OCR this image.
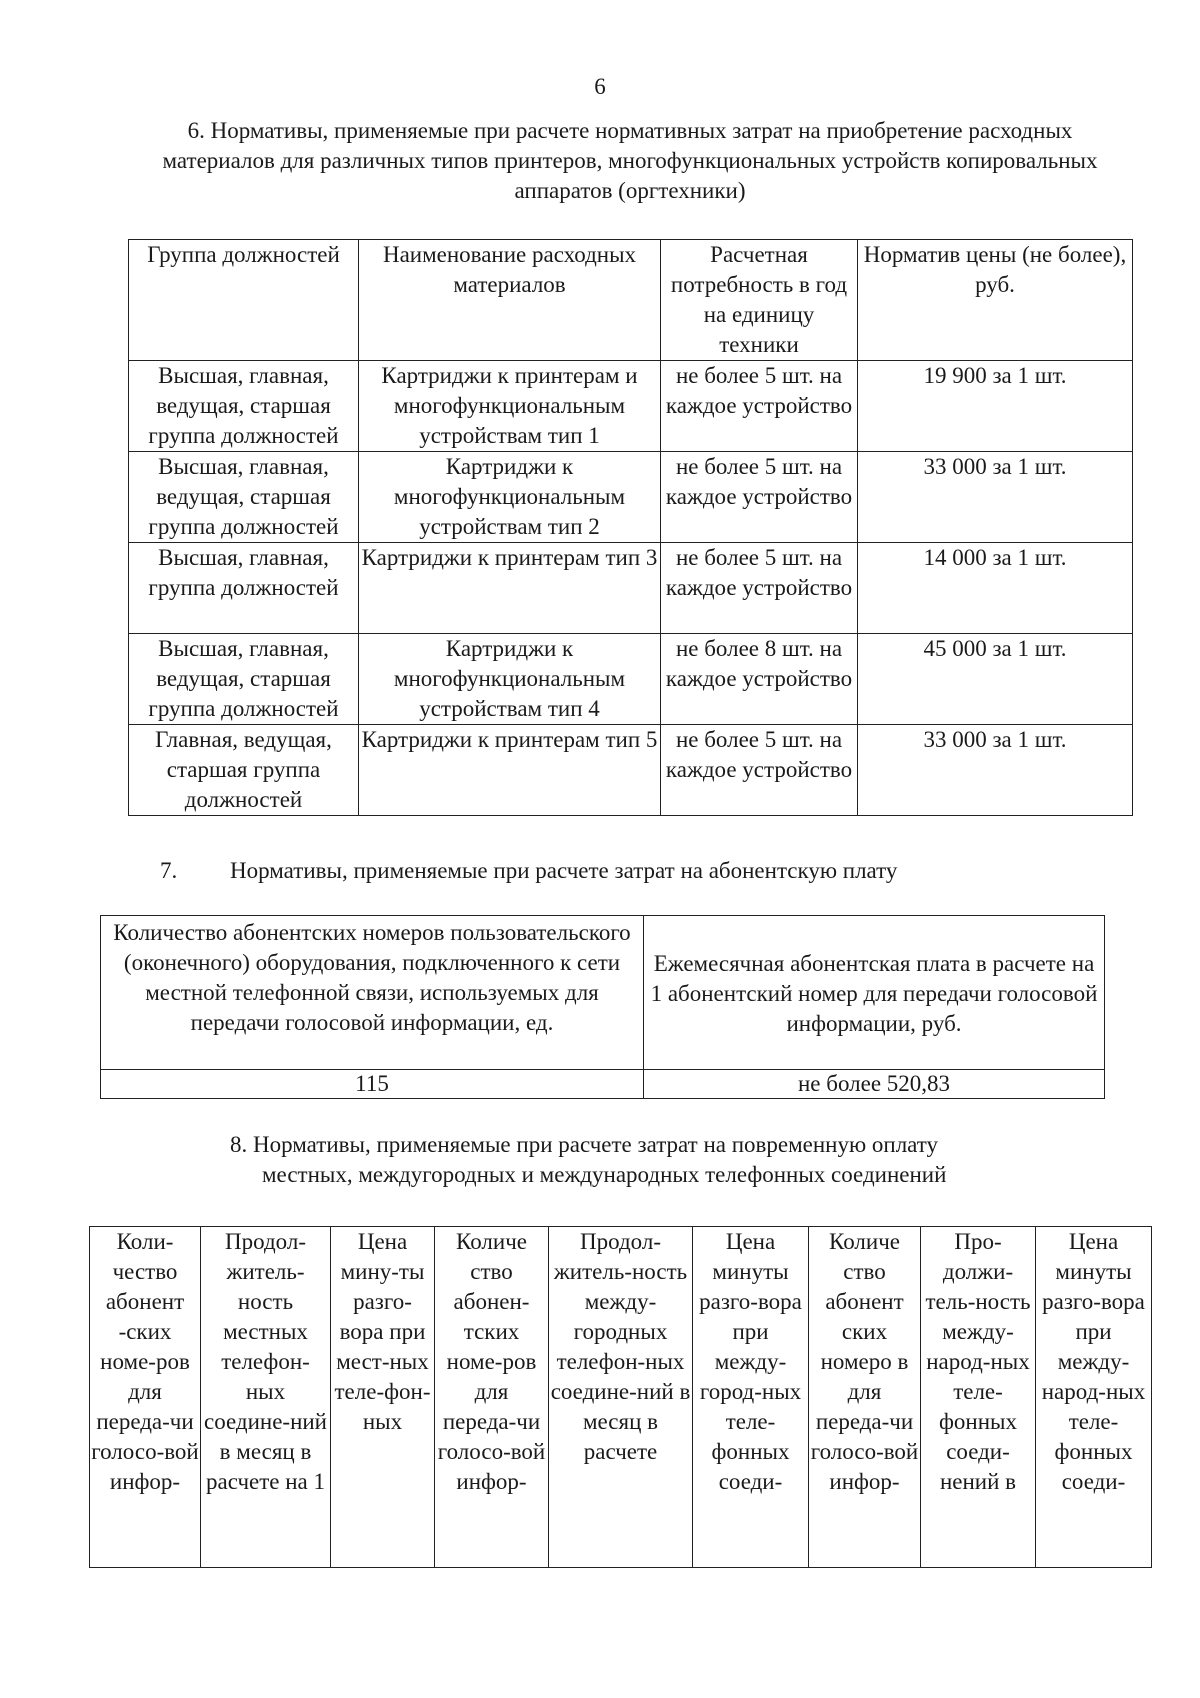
6
6. Нормативы, применяемые при расчете нормативных затрат на приобретение расходных материалов для различных типов принтеров, многофункциональных устройств копировальных аппаратов (оргтехники)
Группа должностей	Наименование расходных материалов	Расчетная потребность в год на единицу техники	Норматив цены (не более), руб.
Высшая, главная, ведущая, старшая группа должностей	Картриджи к принтерам и многофункциональным устройствам тип 1	не более 5 шт. на каждое устройство	19 900 за 1 шт.
Высшая, главная, ведущая, старшая группа должностей	Картриджи к многофункциональным устройствам тип 2	не более 5 шт. на каждое устройство	33 000 за 1 шт.
Высшая, главная, группа должностей	Картриджи к принтерам тип 3	не более 5 шт. на каждое устройство	14 000 за 1 шт.
Высшая, главная, ведущая, старшая группа должностей	Картриджи к многофункциональным устройствам тип 4	не более 8 шт. на каждое устройство	45 000 за 1 шт.
Главная, ведущая, старшая группа должностей	Картриджи к принтерам тип 5	не более 5 шт. на каждое устройство	33 000 за 1 шт.
7. Нормативы, применяемые при расчете затрат на абонентскую плату
Количество абонентских номеров пользовательского (оконечного) оборудования, подключенного к сети местной телефонной связи, используемых для передачи голосовой информации, ед.	Ежемесячная абонентская плата в расчете на 1 абонентский номер для передачи голосовой информации, руб.
115	не более 520,83
8. Нормативы, применяемые при расчете затрат на повременную оплату
местных, междугородных и международных телефонных соединений
Коли-чество абонент -ских номе-ров для переда-чи голосо-вой инфор-	Продол-житель-ность местных телефон-ных соедине-ний в месяц в расчете на 1	Цена мину-ты разго-вора при мест-ных теле-фон-ных	Количе ство абонен-тских номе-ров для переда-чи голосо-вой инфор-	Продол-житель-ность между-городных телефон-ных соедине-ний в месяц в расчете	Цена минуты разго-вора при между-город-ных теле-фонных соеди-	Количе ство абонент ских номеро в для переда-чи голосо-вой инфор-	Про-должи-тель-ность между-народ-ных теле-фонных соеди-нений в	Цена минуты разго-вора при между-народ-ных теле-фонных соеди-
